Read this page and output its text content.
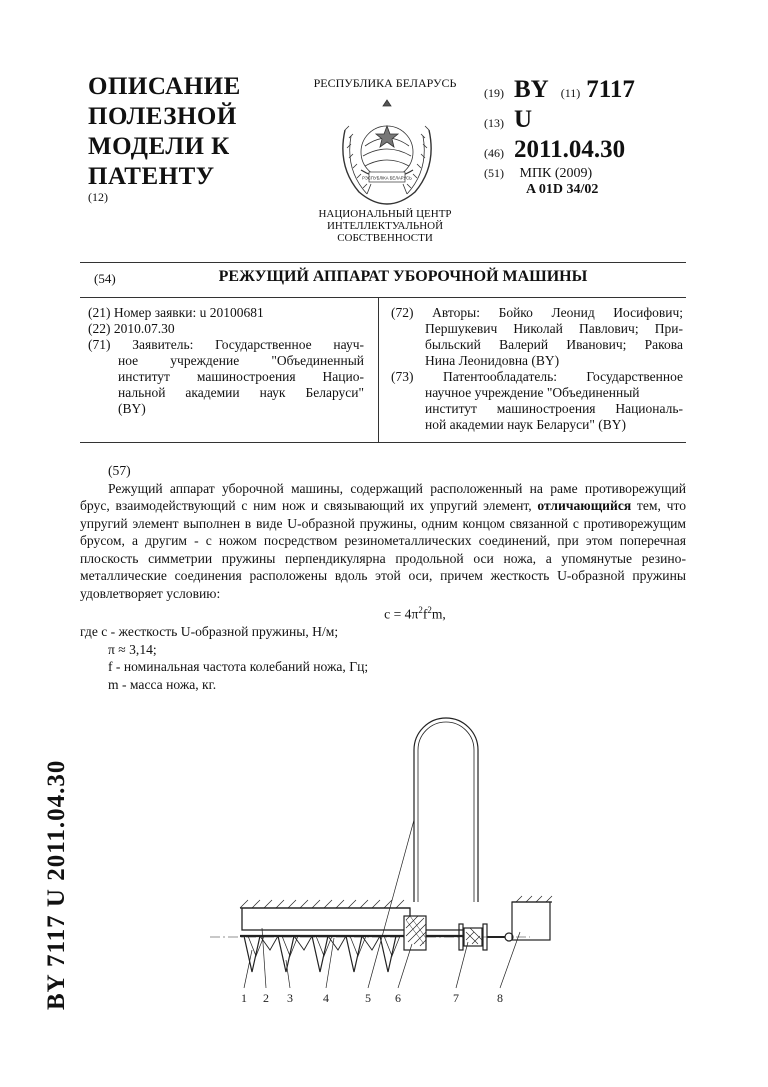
ОПИСАНИЕ
ПОЛЕЗНОЙ
МОДЕЛИ К
ПАТЕНТУ
(12)
РЕСПУБЛИКА БЕЛАРУСЬ
РЭСПУБЛІКА БЕЛАРУСЬ
НАЦИОНАЛЬНЫЙ ЦЕНТР
ИНТЕЛЛЕКТУАЛЬНОЙ
СОБСТВЕННОСТИ
(19) BY (11) 7117
(13) U
(46) 2011.04.30
(51) МПК (2009)
A 01D 34/02
(54)	РЕЖУЩИЙ АППАРАТ УБОРОЧНОЙ МАШИНЫ
(21) Номер заявки: u 20100681
(22) 2010.07.30
(71) Заявитель: Государственное науч-
ное учреждение "Объединенный
институт машиностроения Нацио-
нальной академии наук Беларуси"
(BY)
(72) Авторы: Бойко Леонид Иосифович;
Першукевич Николай Павлович; При-
быльский Валерий Иванович; Ракова
Нина Леонидовна (BY)
(73) Патентообладатель: Государственное
научное учреждение "Объединенный
институт машиностроения Националь-
ной академии наук Беларуси" (BY)

(57)

Режущий аппарат уборочной машины, содержащий расположенный на раме противорежущий брус, взаимодействующий с ним нож и связывающий их упругий элемент, отличающийся тем, что упругий элемент выполнен в виде U-образной пружины, одним концом связанной с противорежущим брусом, а другим - с ножом посредством резинометаллических соединений, при этом поперечная плоскость симметрии пружины перпендикулярна продольной оси ножа, а упомянутые резино-металлические соединения расположены вдоль этой оси, причем жесткость U-образной пружины удовлетворяет условию:

$c = 4\pi^2f^2m$,

где c - жесткость U-образной пружины, Н/м;

π ≈ 3,14;

f - номинальная частота колебаний ножа, Гц;

m - масса ножа, кг.

1 2 3	4	5 6	7	8
BY 7117 U 2011.04.30
